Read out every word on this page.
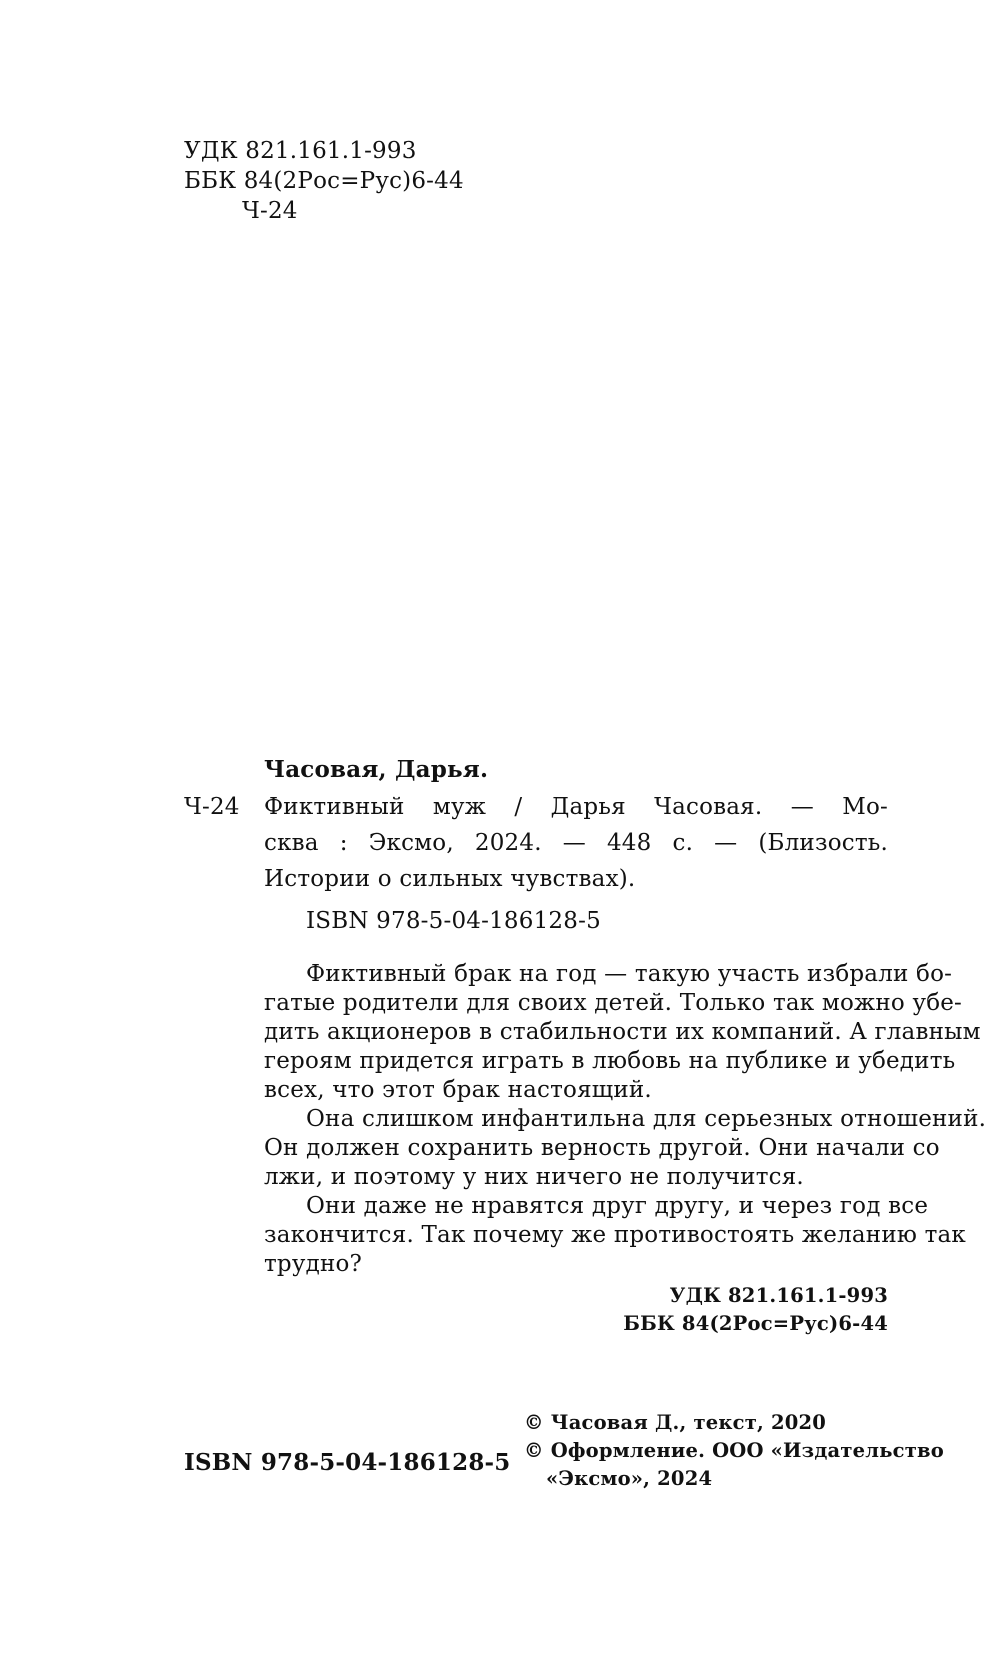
УДК 821.161.1-993
ББК 84(2Рос=Рус)6-44
Ч-24
Часовая, Дарья.
Ч-24 Фиктивный муж / Дарья Часовая. — Мо-
сква : Эксмо, 2024. — 448 с. — (Близость.
Истории о сильных чувствах).
ISBN 978-5-04-186128-5
Фиктивный брак на год — такую участь избрали бо-
гатые родители для своих детей. Только так можно убе-
дить акционеров в стабильности их компаний. А главным
героям придется играть в любовь на публике и убедить
всех, что этот брак настоящий.
Она слишком инфантильна для серьезных отношений.
Он должен сохранить верность другой. Они начали со
лжи, и поэтому у них ничего не получится.
Они даже не нравятся друг другу, и через год все
закончится. Так почему же противостоять желанию так
трудно?
УДК 821.161.1-993
ББК 84(2Рос=Рус)6-44
© Часовая Д., текст, 2020
© Оформление. ООО «Издательство
«Эксмо», 2024
ISBN 978-5-04-186128-5
